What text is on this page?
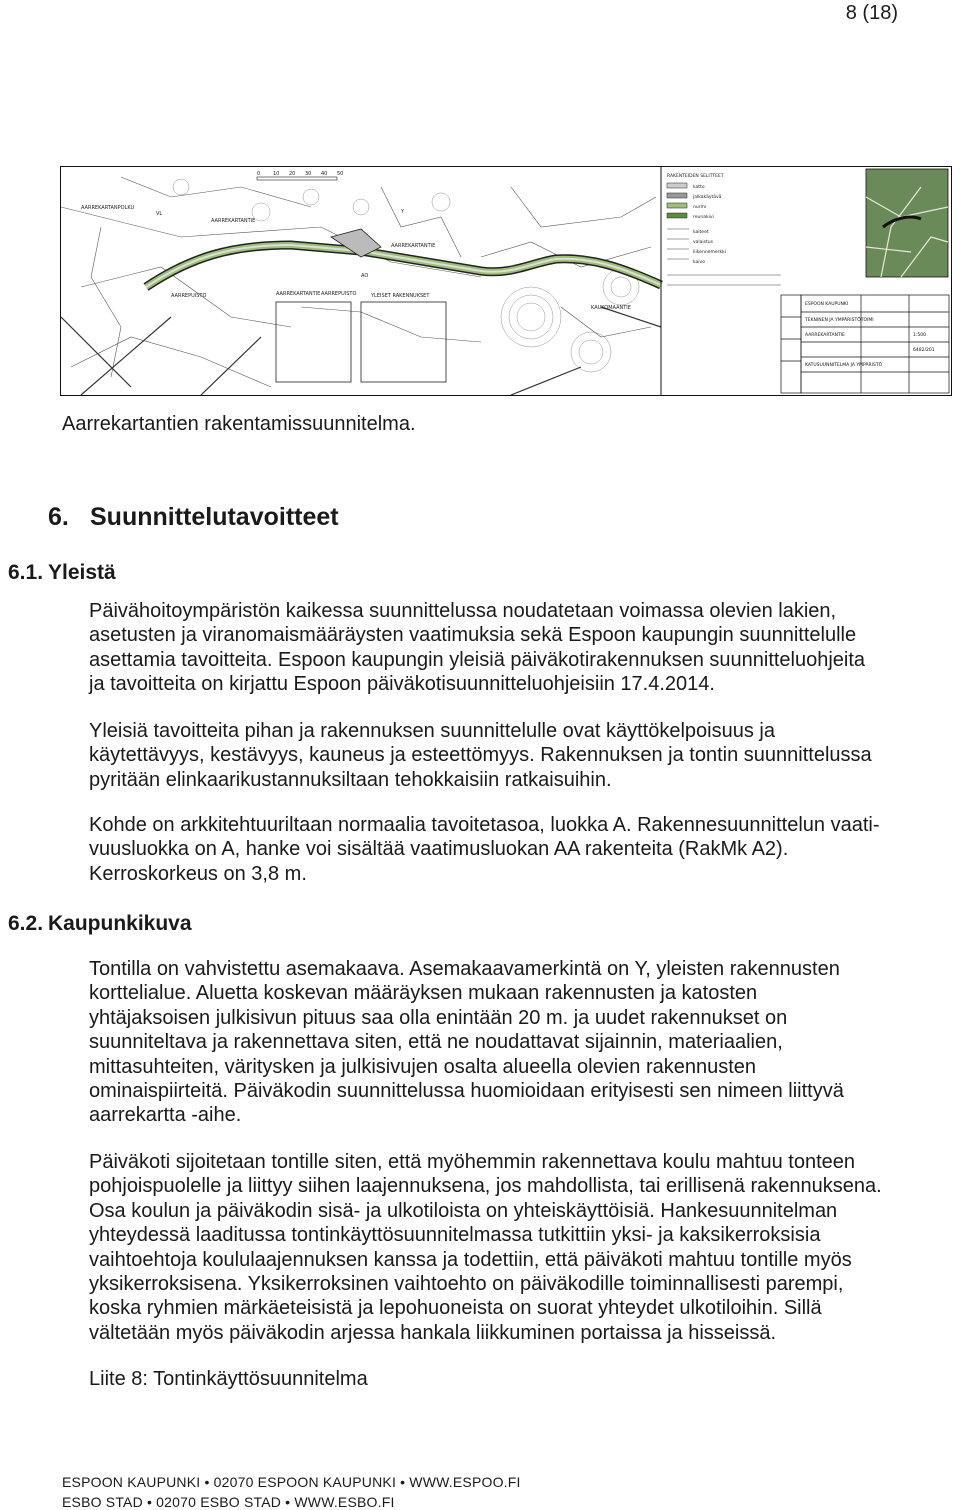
8 (18)
AARREKARTANTIE
AARREKARTANTIE
AARREKARTANTIE
AARREPUISTO	AARREPUISTO
AARREKARTANPOLKU
KAUKOMAANTIE
YLEISET RAKENNUKSET
Y
AO
VL
0	10 20 30 40 50	RAKENTEIDEN SELITTEET
katto
jalkakäytävä
nurmi
reunakivi
kaiteet
valaistus
liikennemerkki
kaivo
ESPOON KAUPUNKI
TEKNINEN JA YMPÄRISTÖTOIMI
AARREKARTANTIE
KATUSUUNNITELMA JA YMPÄRISTÖ
1:500
6482/201
Aarrekartantien rakentamissuunnitelma.
6. Suunnittelutavoitteet
6.1. Yleistä

Päivähoitoympäristön kaikessa suunnittelussa noudatetaan voimassa olevien lakien,
asetusten ja viranomaismääräysten vaatimuksia sekä Espoon kaupungin suunnittelulle
asettamia tavoitteita. Espoon kaupungin yleisiä päiväkotirakennuksen suunnitteluohjeita
ja tavoitteita on kirjattu Espoon päiväkotisuunnitteluohjeisiin 17.4.2014.

Yleisiä tavoitteita pihan ja rakennuksen suunnittelulle ovat käyttökelpoisuus ja
käytettävyys, kestävyys, kauneus ja esteettömyys. Rakennuksen ja tontin suunnittelussa
pyritään elinkaarikustannuksiltaan tehokkaisiin ratkaisuihin.

Kohde on arkkitehtuuriltaan normaalia tavoitetasoa, luokka A. Rakennesuunnittelun vaati-
vuusluokka on A, hanke voi sisältää vaatimusluokan AA rakenteita (RakMk A2).
Kerroskorkeus on 3,8 m.

6.2. Kaupunkikuva

Tontilla on vahvistettu asemakaava. Asemakaavamerkintä on Y, yleisten rakennusten
korttelialue. Aluetta koskevan määräyksen mukaan rakennusten ja katosten
yhtäjaksoisen julkisivun pituus saa olla enintään 20 m. ja uudet rakennukset on
suunniteltava ja rakennettava siten, että ne noudattavat sijainnin, materiaalien,
mittasuhteiten, väritysken ja julkisivujen osalta alueella olevien rakennusten
ominaispiirteitä. Päiväkodin suunnittelussa huomioidaan erityisesti sen nimeen liittyvä
aarrekartta -aihe.

Päiväkoti sijoitetaan tontille siten, että myöhemmin rakennettava koulu mahtuu tonteen
pohjoispuolelle ja liittyy siihen laajennuksena, jos mahdollista, tai erillisenä rakennuksena.
Osa koulun ja päiväkodin sisä- ja ulkotiloista on yhteiskäyttöisiä. Hankesuunnitelman
yhteydessä laaditussa tontinkäyttösuunnitelmassa tutkittiin yksi- ja kaksikerroksisia
vaihtoehtoja koululaajennuksen kanssa ja todettiin, että päiväkoti mahtuu tontille myös
yksikerroksisena. Yksikerroksinen vaihtoehto on päiväkodille toiminnallisesti parempi,
koska ryhmien märkäeteisistä ja lepohuoneista on suorat yhteydet ulkotiloihin. Sillä
vältetään myös päiväkodin arjessa hankala liikkuminen portaissa ja hisseissä.

Liite 8: Tontinkäyttösuunnitelma

ESPOON KAUPUNKI • 02070 ESPOON KAUPUNKI • WWW.ESPOO.FI
ESBO STAD • 02070 ESBO STAD • WWW.ESBO.FI
